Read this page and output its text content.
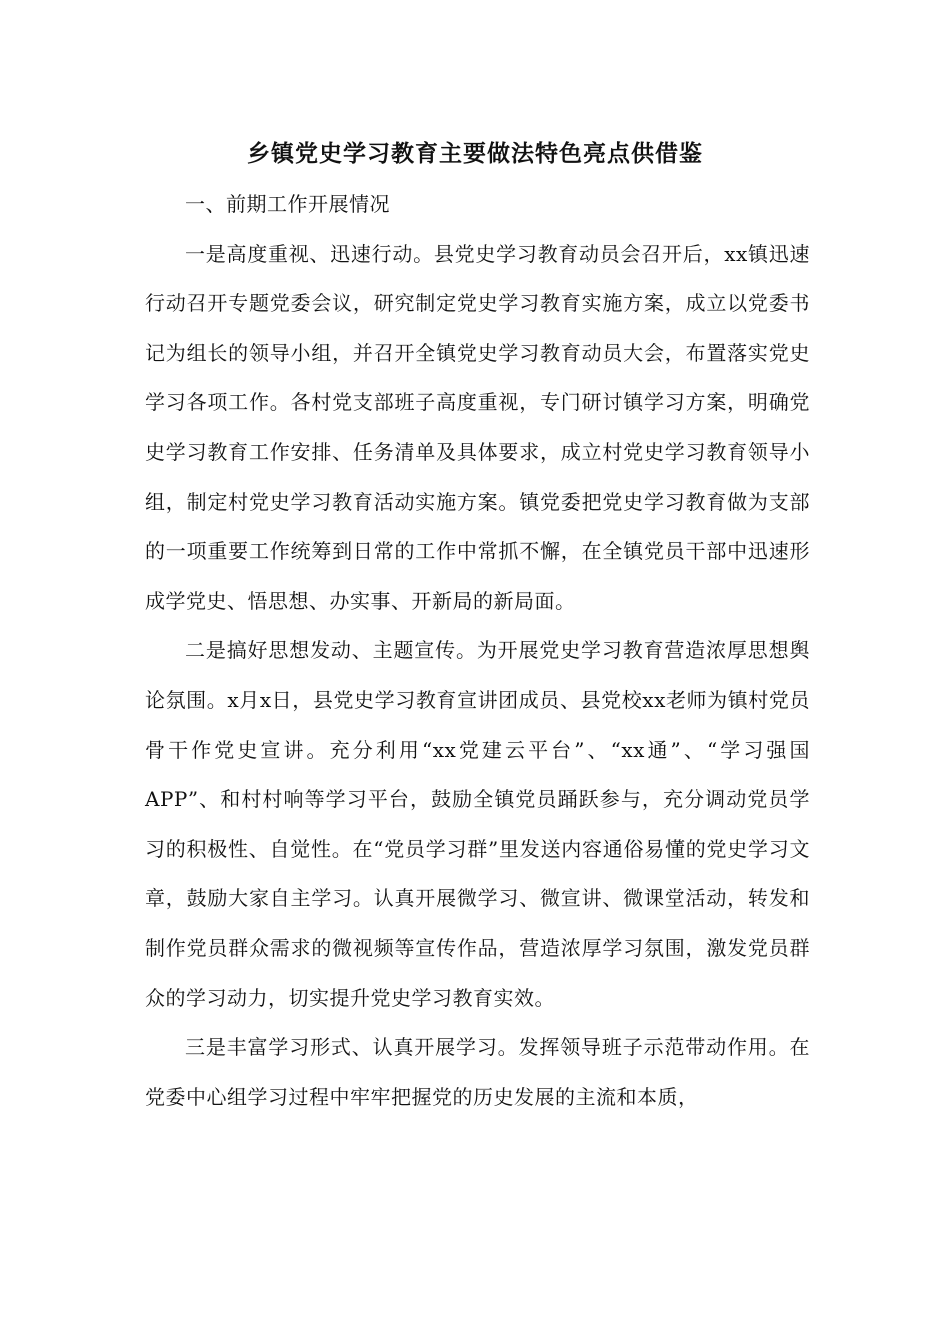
乡镇党史学习教育主要做法特色亮点供借鉴

一、前期工作开展情况

一是高度重视、迅速行动。县党史学习教育动员会召开后，xx镇迅速行动召开专题党委会议，研究制定党史学习教育实施方案，成立以党委书记为组长的领导小组，并召开全镇党史学习教育动员大会，布置落实党史学习各项工作。各村党支部班子高度重视，专门研讨镇学习方案，明确党史学习教育工作安排、任务清单及具体要求，成立村党史学习教育领导小组，制定村党史学习教育活动实施方案。镇党委把党史学习教育做为支部的一项重要工作统筹到日常的工作中常抓不懈，在全镇党员干部中迅速形成学党史、悟思想、办实事、开新局的新局面。

二是搞好思想发动、主题宣传。为开展党史学习教育营造浓厚思想舆论氛围。x月x日，县党史学习教育宣讲团成员、县党校xx老师为镇村党员骨干作党史宣讲。充分利用“xx党建云平台”、“xx通”、“学习强国APP”、和村村响等学习平台，鼓励全镇党员踊跃参与，充分调动党员学习的积极性、自觉性。在“党员学习群”里发送内容通俗易懂的党史学习文章，鼓励大家自主学习。认真开展微学习、微宣讲、微课堂活动，转发和制作党员群众需求的微视频等宣传作品，营造浓厚学习氛围，激发党员群众的学习动力，切实提升党史学习教育实效。

三是丰富学习形式、认真开展学习。发挥领导班子示范带动作用。在党委中心组学习过程中牢牢把握党的历史发展的主流和本质，
